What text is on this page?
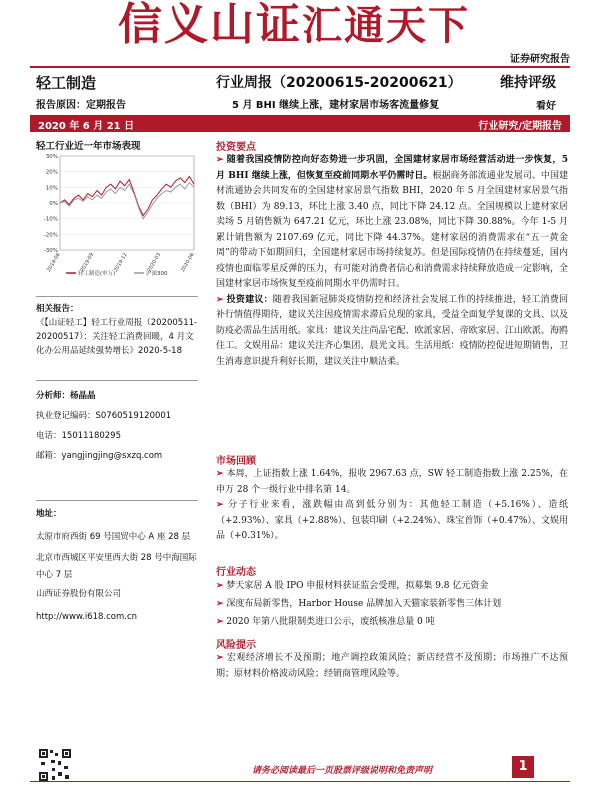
信义山证汇通天下
证券研究报告
轻工制造	行业周报（20200615-20200621）	维持评级
报告原因：定期报告	5 月 BHI 继续上涨，建材家居市场客流量修复	看好
2020 年 6 月 21 日	行业研究/定期报告
轻工行业近一年市场表现
30%
20%
10%
0%
-10%
-20%
-30%
2019-06	2019-09	2019-12	2020-03	2020-06
轻工制造(申万)	沪深300

相关报告：

《【山证轻工】轻工行业周报（20200511-20200517）：关注轻工消费回暖，4 月文化办公用品延续强势增长》2020-5-18

分析师：杨晶晶

执业登记编码：S0760519120001

电话：15011180295

邮箱：yangjingjing@sxzq.com

地址：

太原市府西街 69 号国贸中心 A 座 28 层

北京市西城区平安里西大街 28 号中海国际中心 7 层

山西证券股份有限公司

http://www.i618.com.cn

投资要点

➢ 随着我国疫情防控向好态势进一步巩固，全国建材家居市场经营活动进一步恢复，5 月 BHI 继续上涨，但恢复至疫前同期水平仍需时日。根据商务部流通业发展司、中国建材流通协会共同发布的全国建材家居景气指数 BHI，2020 年 5 月全国建材家居景气指数（BHI）为 89.13，环比上涨 3.40 点，同比下降 24.12 点。全国规模以上建材家居卖场 5 月销售额为 647.21 亿元，环比上涨 23.08%，同比下降 30.88%。今年 1-5 月累计销售额为 2107.69 亿元，同比下降 44.37%。建材家居的消费需求在“五一黄金周”的带动下如期回归，全国建材家居市场持续复苏。但是国际疫情仍在持续蔓延，国内疫情也面临零星反弹的压力，有可能对消费者信心和消费需求持续释放造成一定影响，全国建材家居市场恢复至疫前同期水平仍需时日。

➢ 投资建议：随着我国新冠肺炎疫情防控和经济社会发展工作的持续推进，轻工消费回补行情值得期待，建议关注因疫情需求滞后兑现的家具，受益全面复学复课的文具、以及防疫必需品生活用纸。家具：建议关注尚品宅配、欧派家居、帝欧家居、江山欧派、海鸥住工。文娱用品：建议关注齐心集团、晨光文具。生活用纸：疫情防控促进短期销售，卫生消毒意识提升利好长期，建议关注中顺洁柔。

市场回顾

➢ 本周，上证指数上涨 1.64%，报收 2967.63 点，SW 轻工制造指数上涨 2.25%，在申万 28 个一级行业中排名第 14。

➢ 分子行业来看，涨跌幅由高到低分别为：其他轻工制造（+5.16%）、造纸（+2.93%）、家具（+2.88%）、包装印刷（+2.24%）、珠宝首饰（+0.47%）、文娱用品（+0.31%）。

行业动态

➢ 梦天家居 A 股 IPO 申报材料获证监会受理，拟募集 9.8 亿元资金

➢ 深度布局新零售，Harbor House 品牌加入天猫家装新零售三体计划

➢ 2020 年第八批限制类进口公示，废纸核准总量 0 吨

风险提示

➢ 宏观经济增长不及预期；地产调控政策风险；新店经营不及预期；市场推广不达预期；原材料价格波动风险；经销商管理风险等。

请务必阅读最后一页股票评级说明和免责声明	1
